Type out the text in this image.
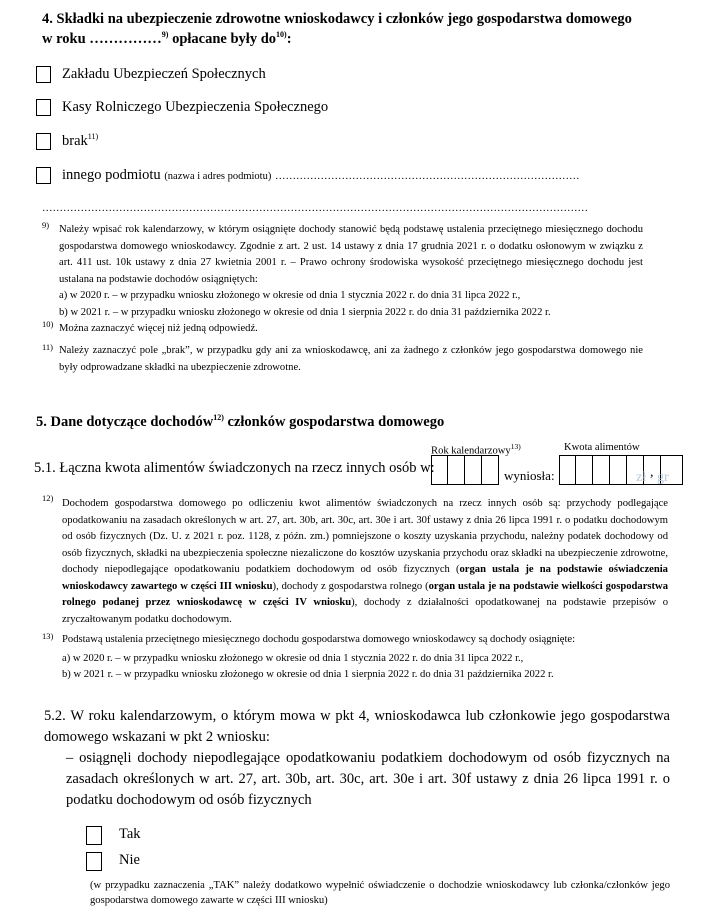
4. Składki na ubezpieczenie zdrowotne wnioskodawcy i członków jego gospodarstwa domowego
w roku ……………$^{9)}$ opłacane były $do^{10)}$:
Zakładu Ubezpieczeń Społecznych
Kasy Rolniczego Ubezpieczenia Społecznego
brak$^{11)}$
innego podmiotu (nazwa i adres podmiotu) ……………………………………………………………………………
…………………………………………………………………………………………………………………………………………
9) Należy wpisać rok kalendarzowy, w którym osiągnięte dochody stanowić będą podstawę ustalenia przeciętnego miesięcznego dochodu gospodarstwa domowego wnioskodawcy. Zgodnie z art. 2 ust. 14 ustawy z dnia 17 grudnia 2021 r. o dodatku osłonowym w związku z art. 411 ust. 10k ustawy z dnia 27 kwietnia 2001 r. – Prawo ochrony środowiska wysokość przeciętnego miesięcznego dochodu jest ustalana na podstawie dochodów osiągniętych:
a) w 2020 r. – w przypadku wniosku złożonego w okresie od dnia 1 stycznia 2022 r. do dnia 31 lipca 2022 r.,
b) w 2021 r. – w przypadku wniosku złożonego w okresie od dnia 1 sierpnia 2022 r. do dnia 31 października 2022 r.
10) Można zaznaczyć więcej niż jedną odpowiedź.
11) Należy zaznaczyć pole „brak”, w przypadku gdy ani za wnioskodawcę, ani za żadnego z członków jego gospodarstwa domowego nie były odprowadzane składki na ubezpieczenie zdrowotne.
5. Dane dotyczące dochodów$^{12)}$ członków gospodarstwa domowego
Rok kalendarzowy$^{13)}$	Kwota alimentów
5.1. Łączna kwota alimentów świadczonych na rzecz innych osób w:	wyniosła:	zł , gr
12) Dochodem gospodarstwa domowego po odliczeniu kwot alimentów świadczonych na rzecz innych osób są: przychody podlegające opodatkowaniu na zasadach określonych w art. 27, art. 30b, art. 30c, art. 30e i art. 30f ustawy z dnia 26 lipca 1991 r. o podatku dochodowym od osób fizycznych (Dz. U. z 2021 r. poz. 1128, z późn. zm.) pomniejszone o koszty uzyskania przychodu, należny podatek dochodowy od osób fizycznych, składki na ubezpieczenia społeczne niezaliczone do kosztów uzyskania przychodu oraz składki na ubezpieczenie zdrowotne, dochody niepodlegające opodatkowaniu podatkiem dochodowym od osób fizycznych (organ ustala je na podstawie oświadczenia wnioskodawcy zawartego w części III wniosku), dochody z gospodarstwa rolnego (organ ustala je na podstawie wielkości gospodarstwa rolnego podanej przez wnioskodawcę w części IV wniosku), dochody z działalności opodatkowanej na podstawie przepisów o zryczałtowanym podatku dochodowym.
13) Podstawą ustalenia przeciętnego miesięcznego dochodu gospodarstwa domowego wnioskodawcy są dochody osiągnięte:
a) w 2020 r. – w przypadku wniosku złożonego w okresie od dnia 1 stycznia 2022 r. do dnia 31 lipca 2022 r.,
b) w 2021 r. – w przypadku wniosku złożonego w okresie od dnia 1 sierpnia 2022 r. do dnia 31 października 2022 r.
5.2. W roku kalendarzowym, o którym mowa w pkt 4, wnioskodawca lub członkowie jego gospodarstwa domowego wskazani w pkt 2 wniosku:
– osiągnęli dochody niepodlegające opodatkowaniu podatkiem dochodowym od osób fizycznych na zasadach określonych w art. 27, art. 30b, art. 30c, art. 30e i art. 30f ustawy z dnia 26 lipca 1991 r. o podatku dochodowym od osób fizycznych
Tak
Nie
(w przypadku zaznaczenia „TAK” należy dodatkowo wypełnić oświadczenie o dochodzie wnioskodawcy lub członka/członków jego gospodarstwa domowego zawarte w części III wniosku)
